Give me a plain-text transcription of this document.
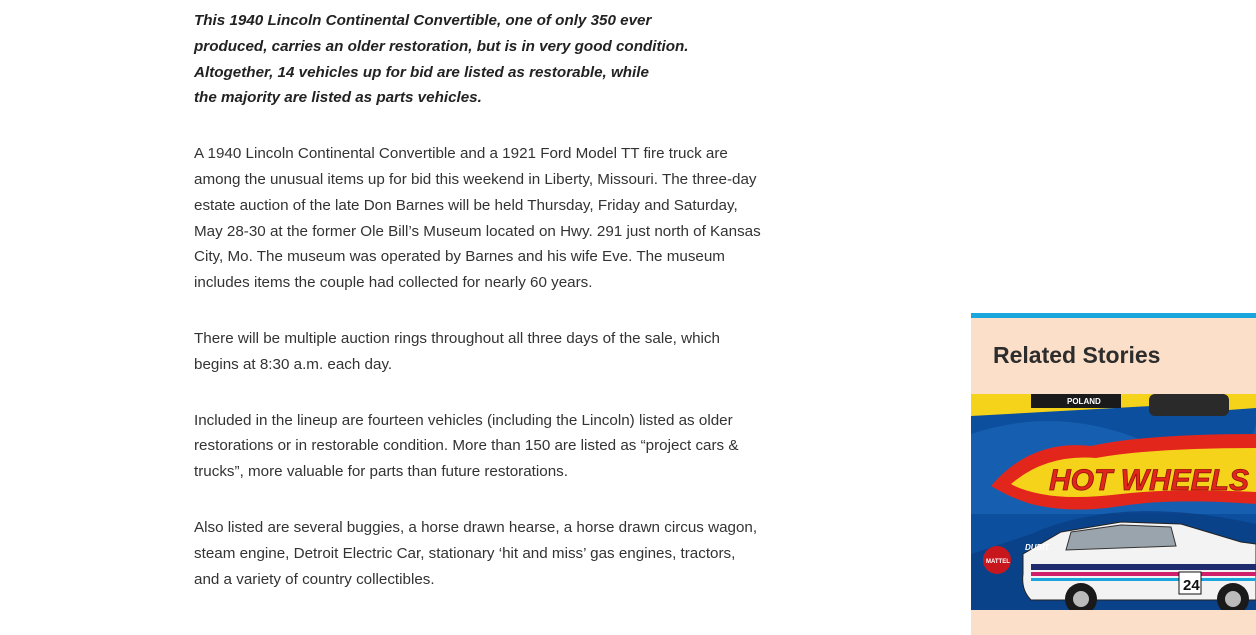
This 1940 Lincoln Continental Convertible, one of only 350 ever
produced, carries an older restoration, but is in very good condition.
Altogether, 14 vehicles up for bid are listed as restorable, while
the majority are listed as parts vehicles.

A 1940 Lincoln Continental Convertible and a 1921 Ford Model TT fire truck are among the unusual items up for bid this weekend in Liberty, Missouri. The three-day estate auction of the late Don Barnes will be held Thursday, Friday and Saturday, May 28-30 at the former Ole Bill’s Museum located on Hwy. 291 just north of Kansas City, Mo. The museum was operated by Barnes and his wife Eve. The museum includes items the couple had collected for nearly 60 years.

There will be multiple auction rings throughout all three days of the sale, which begins at 8:30 a.m. each day.

Included in the lineup are fourteen vehicles (including the Lincoln) listed as older restorations or in restorable condition. More than 150 are listed as “project cars & trucks”, more valuable for parts than future restorations.

Also listed are several buggies, a horse drawn hearse, a horse drawn circus wagon, steam engine, Detroit Electric Car, stationary ‘hit and miss’ gas engines, tractors, and a variety of country collectibles.

Related Stories
POLAND
HOT WHEELS
MATTEL
DUBIT
24
